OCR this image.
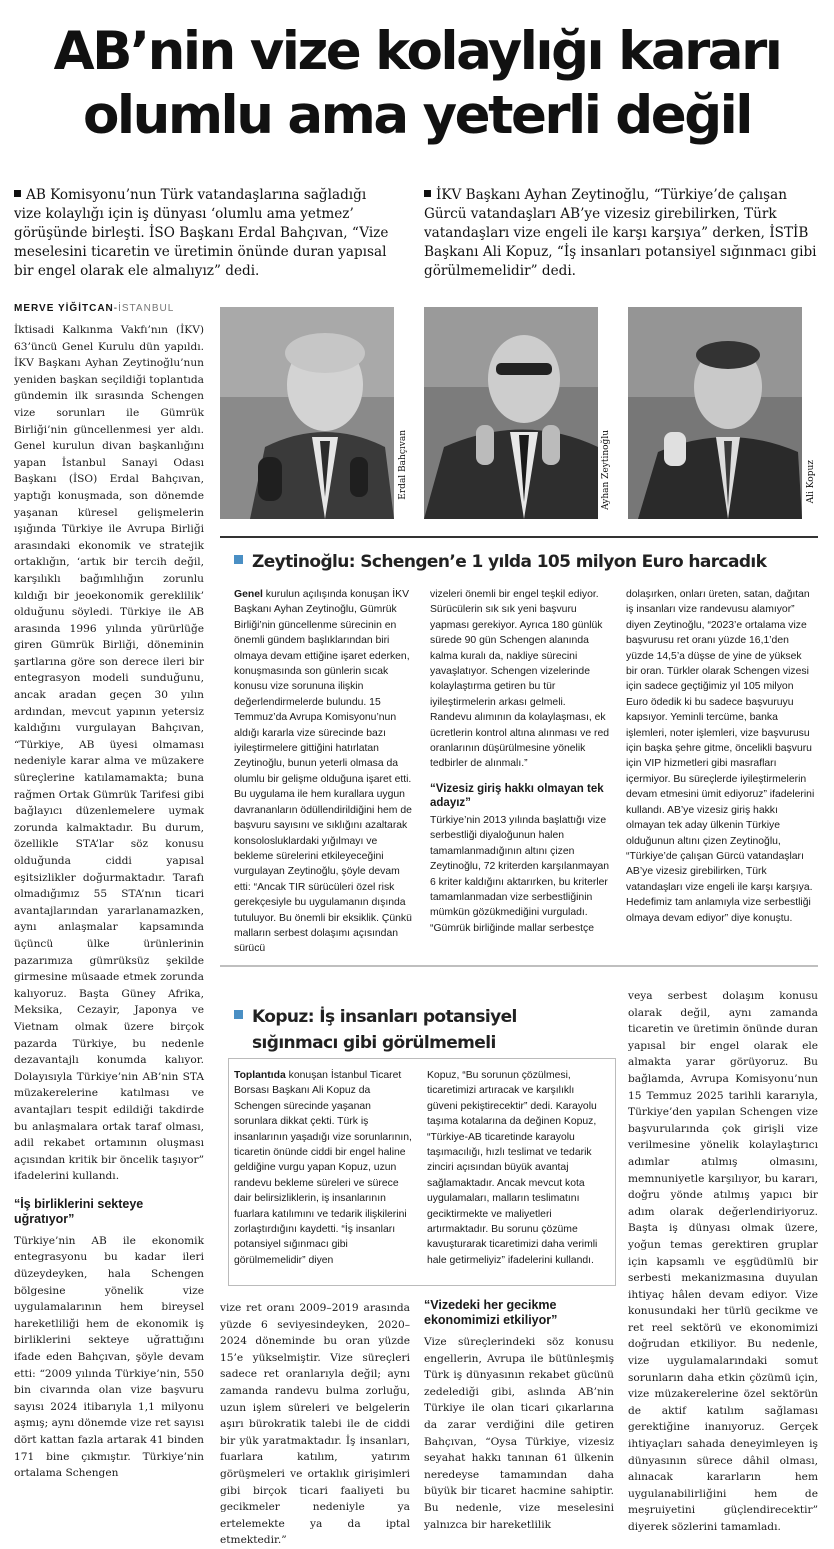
AB’nin vize kolaylığı kararı
olumlu ama yeterli değil
AB Komisyonu’nun Türk vatandaşlarına sağladığı vize kolaylığı için iş dünyası ‘olumlu ama yetmez’ görüşünde birleşti. İSO Başkanı Erdal Bahçıvan, “Vize meselesini ticaretin ve üretimin önünde duran yapısal bir engel olarak ele almalıyız” dedi.
İKV Başkanı Ayhan Zeytinoğlu, “Türkiye’de çalışan Gürcü vatandaşları AB’ye vizesiz girebilirken, Türk vatandaşları vize engeli ile karşı karşıya” derken, İSTİB Başkanı Ali Kopuz, “İş insanları potansiyel sığınmacı gibi görülmemelidir” dedi.
MERVE YİĞİTCAN-İSTANBUL
Erdal Bahçıvan	Ayhan Zeytinoğlu	Ali Kopuz

İktisadi Kalkınma Vakfı’nın (İKV) 63’üncü Genel Kurulu dün yapıldı. İKV Başkanı Ayhan Zeytinoğlu’nun yeniden başkan seçildiği toplantıda gündemin ilk sırasında Schengen vize sorunları ile Gümrük Birliği’nin güncellenmesi yer aldı. Genel kurulun divan başkanlığını yapan İstanbul Sanayi Odası Başkanı (İSO) Erdal Bahçıvan, yaptığı konuşmada, son dönemde yaşanan küresel gelişmelerin ışığında Türkiye ile Avrupa Birliği arasındaki ekonomik ve stratejik ortaklığın, ‘artık bir tercih değil, karşılıklı bağımlılığın zorunlu kıldığı bir jeoekonomik gereklilik’ olduğunu söyledi. Türkiye ile AB arasında 1996 yılında yürürlüğe giren Gümrük Birliği, döneminin şartlarına göre son derece ileri bir entegrasyon modeli sunduğunu, ancak aradan geçen 30 yılın ardından, mevcut yapının yetersiz kaldığını vurgulayan Bahçıvan, “Türkiye, AB üyesi olmaması nedeniyle karar alma ve müzakere süreçlerine katılamamakta; buna rağmen Ortak Gümrük Tarifesi gibi bağlayıcı düzenlemelere uymak zorunda kalmaktadır. Bu durum, özellikle STA’lar söz konusu olduğunda ciddi yapısal eşitsizlikler doğurmaktadır. Tarafı olmadığımız 55 STA’nın ticari avantajlarından yararlanamazken, aynı anlaşmalar kapsamında üçüncü ülke ürünlerinin pazarımıza gümrüksüz şekilde girmesine müsaade etmek zorunda kalıyoruz. Başta Güney Afrika, Meksika, Cezayir, Japonya ve Vietnam olmak üzere birçok pazarda Türkiye, bu nedenle dezavantajlı konumda kalıyor. Dolayısıyla Türkiye’nin AB’nin STA müzakerelerine katılması ve avantajları tespit edildiği takdirde bu anlaşmalara ortak taraf olması, adil rekabet ortamının oluşması açısından kritik bir öncelik taşıyor” ifadelerini kullandı.

“İş birliklerini sekteye uğratıyor”

Türkiye’nin AB ile ekonomik entegrasyonu bu kadar ileri düzeydeyken, hala Schengen bölgesine yönelik vize uygulamalarının hem bireysel hareketliliği hem de ekonomik iş birliklerini sekteye uğrattığını ifade eden Bahçıvan, şöyle devam etti: “2009 yılında Türkiye’nin, 550 bin civarında olan vize başvuru sayısı 2024 itibarıyla 1,1 milyonu aşmış; aynı dönemde vize ret sayısı dört kattan fazla artarak 41 binden 171 bine çıkmıştır. Türkiye’nin ortalama Schengen

Zeytinoğlu: Schengen’e 1 yılda 105 milyon Euro harcadık

Genel kurulun açılışında konuşan İKV Başkanı Ayhan Zeytinoğlu, Gümrük Birliği’nin güncellenme sürecinin en önemli gündem başlıklarından biri olmaya devam ettiğine işaret ederken, konuşmasında son günlerin sıcak konusu vize sorununa ilişkin değerlendirmelerde bulundu. 15 Temmuz’da Avrupa Komisyonu’nun aldığı kararla vize sürecinde bazı iyileştirmelere gittiğini hatırlatan Zeytinoğlu, bunun yeterli olmasa da olumlu bir gelişme olduğuna işaret etti. Bu uygulama ile hem kurallara uygun davrananların ödüllendirildiğini hem de başvuru sayısını ve sıklığını azaltarak konsolosluklardaki yığılmayı ve bekleme sürelerini etkileyeceğini vurgulayan Zeytinoğlu, şöyle devam etti: “Ancak TIR sürücüleri özel risk gerekçesiyle bu uygulamanın dışında tutuluyor. Bu önemli bir eksiklik. Çünkü malların serbest dolaşımı açısından sürücü

vizeleri önemli bir engel teşkil ediyor. Sürücülerin sık sık yeni başvuru yapması gerekiyor. Ayrıca 180 günlük sürede 90 gün Schengen alanında kalma kuralı da, nakliye sürecini yavaşlatıyor. Schengen vizelerinde kolaylaştırma getiren bu tür iyileştirmelerin arkası gelmeli. Randevu alımının da kolaylaşması, ek ücretlerin kontrol altına alınması ve red oranlarının düşürülmesine yönelik tedbirler de alınmalı.”

“Vizesiz giriş hakkı olmayan tek adayız”

Türkiye’nin 2013 yılında başlattığı vize serbestliği diyaloğunun halen tamamlanmadığının altını çizen Zeytinoğlu, 72 kriterden karşılanmayan 6 kriter kaldığını aktarırken, bu kriterler tamamlanmadan vize serbestliğinin mümkün gözükmediğini vurguladı. “Gümrük birliğinde mallar serbestçe

dolaşırken, onları üreten, satan, dağıtan iş insanları vize randevusu alamıyor” diyen Zeytinoğlu, “2023’e ortalama vize başvurusu ret oranı yüzde 16,1’den yüzde 14,5’a düşse de yine de yüksek bir oran. Türkler olarak Schengen vizesi için sadece geçtiğimiz yıl 105 milyon Euro ödedik ki bu sadece başvuruyu kapsıyor. Yeminli tercüme, banka işlemleri, noter işlemleri, vize başvurusu için başka şehre gitme, öncelikli başvuru için VIP hizmetleri gibi masrafları içermiyor. Bu süreçlerde iyileştirmelerin devam etmesini ümit ediyoruz” ifadelerini kullandı. AB’ye vizesiz giriş hakkı olmayan tek aday ülkenin Türkiye olduğunun altını çizen Zeytinoğlu, “Türkiye’de çalışan Gürcü vatandaşları AB’ye vizesiz girebilirken, Türk vatandaşları vize engeli ile karşı karşıya. Hedefimiz tam anlamıyla vize serbestliği olmaya devam ediyor” diye konuştu.

Kopuz: İş insanları potansiyel
sığınmacı gibi görülmemeli

Toplantıda konuşan İstanbul Ticaret Borsası Başkanı Ali Kopuz da Schengen sürecinde yaşanan sorunlara dikkat çekti. Türk iş insanlarının yaşadığı vize sorunlarının, ticaretin önünde ciddi bir engel haline geldiğine vurgu yapan Kopuz, uzun randevu bekleme süreleri ve sürece dair belirsizliklerin, iş insanlarının fuarlara katılımını ve tedarik ilişkilerini zorlaştırdığını kaydetti. “İş insanları potansiyel sığınmacı gibi görülmemelidir” diyen

Kopuz, “Bu sorunun çözülmesi, ticaretimizi artıracak ve karşılıklı güveni pekiştirecektir” dedi. Karayolu taşıma kotalarına da değinen Kopuz, “Türkiye-AB ticaretinde karayolu taşımacılığı, hızlı teslimat ve tedarik zinciri açısından büyük avantaj sağlamaktadır. Ancak mevcut kota uygulamaları, malların teslimatını geciktirmekte ve maliyetleri artırmaktadır. Bu sorunu çözüme kavuşturarak ticaretimizi daha verimli hale getirmeliyiz” ifadelerini kullandı.

vize ret oranı 2009–2019 arasında yüzde 6 seviyesindeyken, 2020–2024 döneminde bu oran yüzde 15’e yükselmiştir. Vize süreçleri sadece ret oranlarıyla değil; aynı zamanda randevu bulma zorluğu, uzun işlem süreleri ve belgelerin aşırı bürokratik talebi ile de ciddi bir yük yaratmaktadır. İş insanları, fuarlara katılım, yatırım görüşmeleri ve ortaklık girişimleri gibi birçok ticari faaliyeti bu gecikmeler nedeniyle ya ertelemekte ya da iptal etmektedir.”

“Vizedeki her gecikme ekonomimizi etkiliyor”

Vize süreçlerindeki söz konusu engellerin, Avrupa ile bütünleşmiş Türk iş dünyasının rekabet gücünü zedelediği gibi, aslında AB’nin Türkiye ile olan ticari çıkarlarına da zarar verdiğini dile getiren Bahçıvan, “Oysa Türkiye, vizesiz seyahat hakkı tanınan 61 ülkenin neredeyse tamamından daha büyük bir ticaret hacmine sahiptir. Bu nedenle, vize meselesini yalnızca bir hareketlilik

veya serbest dolaşım konusu olarak değil, aynı zamanda ticaretin ve üretimin önünde duran yapısal bir engel olarak ele almakta yarar görüyoruz. Bu bağlamda, Avrupa Komisyonu’nun 15 Temmuz 2025 tarihli kararıyla, Türkiye’den yapılan Schengen vize başvurularında çok girişli vize verilmesine yönelik kolaylaştırıcı adımlar atılmış olmasını, memnuniyetle karşılıyor, bu kararı, doğru yönde atılmış yapıcı bir adım olarak değerlendiriyoruz. Başta iş dünyası olmak üzere, yoğun temas gerektiren gruplar için kapsamlı ve eşgüdümlü bir serbesti mekanizmasına duyulan ihtiyaç hâlen devam ediyor. Vize konusundaki her türlü gecikme ve ret reel sektörü ve ekonomimizi doğrudan etkiliyor. Bu nedenle, vize uygulamalarındaki somut sorunların daha etkin çözümü için, vize müzakerelerine özel sektörün de aktif katılım sağlaması gerektiğine inanıyoruz. Gerçek ihtiyaçları sahada deneyimleyen iş dünyasının sürece dâhil olması, alınacak kararların hem uygulanabilirliğini hem de meşruiyetini güçlendirecektir” diyerek sözlerini tamamladı.
